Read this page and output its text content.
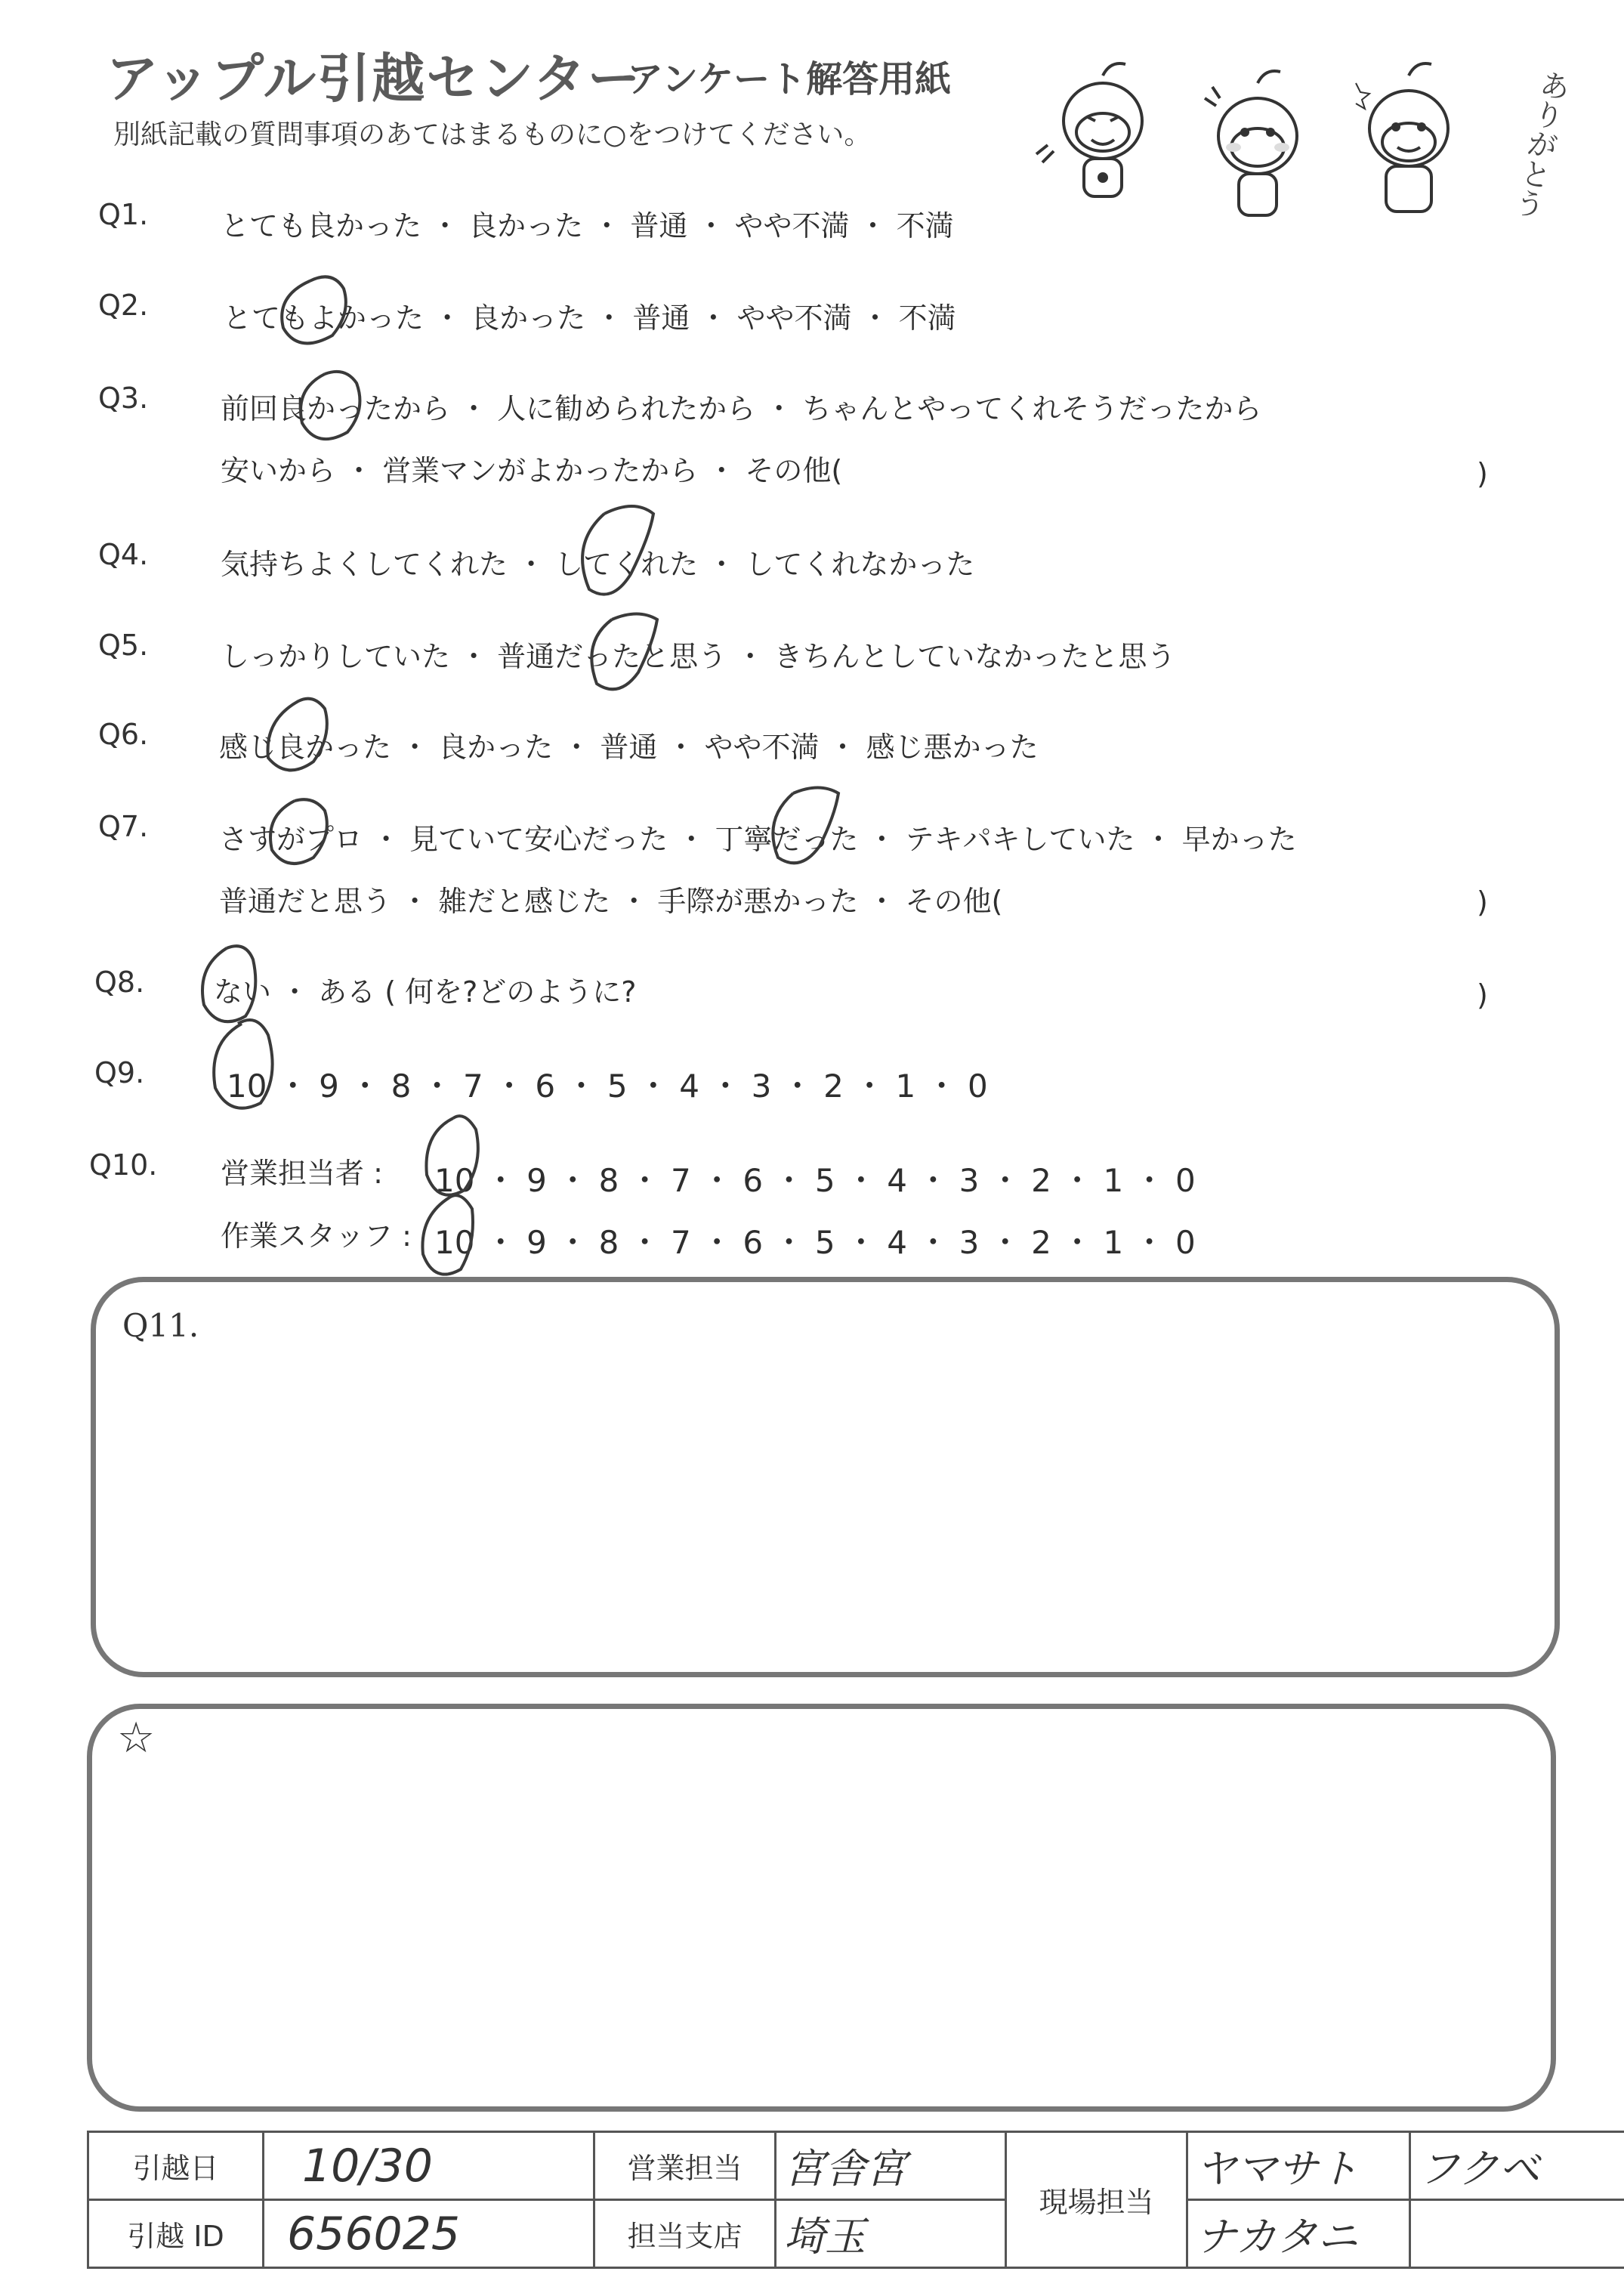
アップル引越センター
アンケート解答用紙
別紙記載の質問事項のあてはまるものに○をつけてください。	ありがとう
Q1.	とても良かった ・ 良かった ・ 普通 ・ やや不満 ・ 不満
Q2.	とてもよかった ・ 良かった ・ 普通 ・ やや不満 ・ 不満
Q3.	前回良かったから ・ 人に勧められたから ・ ちゃんとやってくれそうだったから
安いから ・ 営業マンがよかったから ・ その他(	)
Q4.	気持ちよくしてくれた ・ してくれた ・ してくれなかった
Q5.	しっかりしていた ・ 普通だったと思う ・ きちんとしていなかったと思う
Q6. 感じ良かった ・ 良かった ・ 普通 ・ やや不満 ・ 感じ悪かった
Q7. さすがプロ ・ 見ていて安心だった ・ 丁寧だった ・ テキパキしていた ・ 早かった
普通だと思う ・ 雑だと感じた ・ 手際が悪かった ・ その他(	)
Q8. ない ・ ある ( 何を?どのように?	)
Q9.	10 ・ 9 ・ 8 ・ 7 ・ 6 ・ 5 ・ 4 ・ 3 ・ 2 ・ 1 ・ 0
Q10. 営業担当者 : 10 ・ 9 ・ 8 ・ 7 ・ 6 ・ 5 ・ 4 ・ 3 ・ 2 ・ 1 ・ 0
作業スタッフ : 10 ・ 9 ・ 8 ・ 7 ・ 6 ・ 5 ・ 4 ・ 3 ・ 2 ・ 1 ・ 0
Q11.
☆
引越日	10/30	営業担当	宮舎宮	現場担当	ヤマサト	フクベ
引越 ID	656025	担当支店	埼玉		ナカタニ	
